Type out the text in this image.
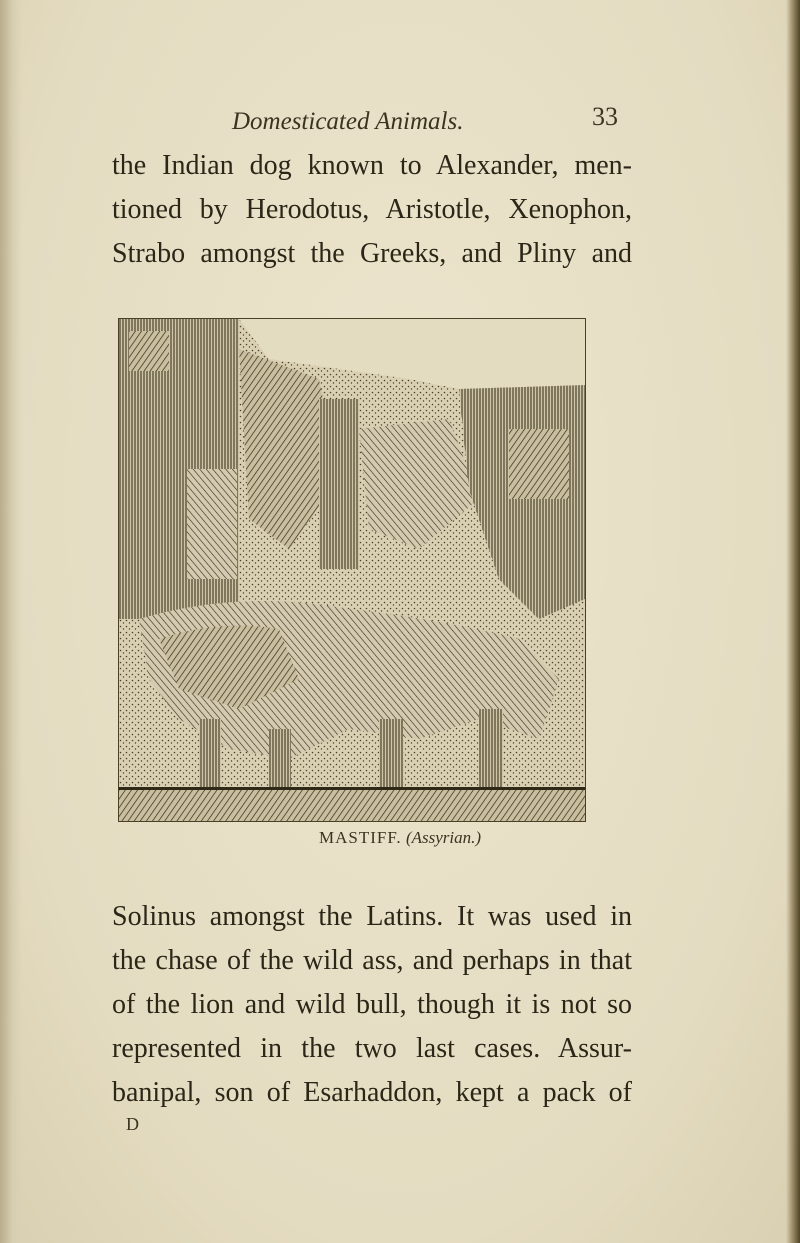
Domesticated Animals.	33
the Indian dog known to Alexander, men-
tioned by Herodotus, Aristotle, Xenophon,
Strabo amongst the Greeks, and Pliny and
MASTIFF. (Assyrian.)
Solinus amongst the Latins. It was used in
the chase of the wild ass, and perhaps in that
of the lion and wild bull, though it is not so
represented in the two last cases. Assur-
banipal, son of Esarhaddon, kept a pack of
D
